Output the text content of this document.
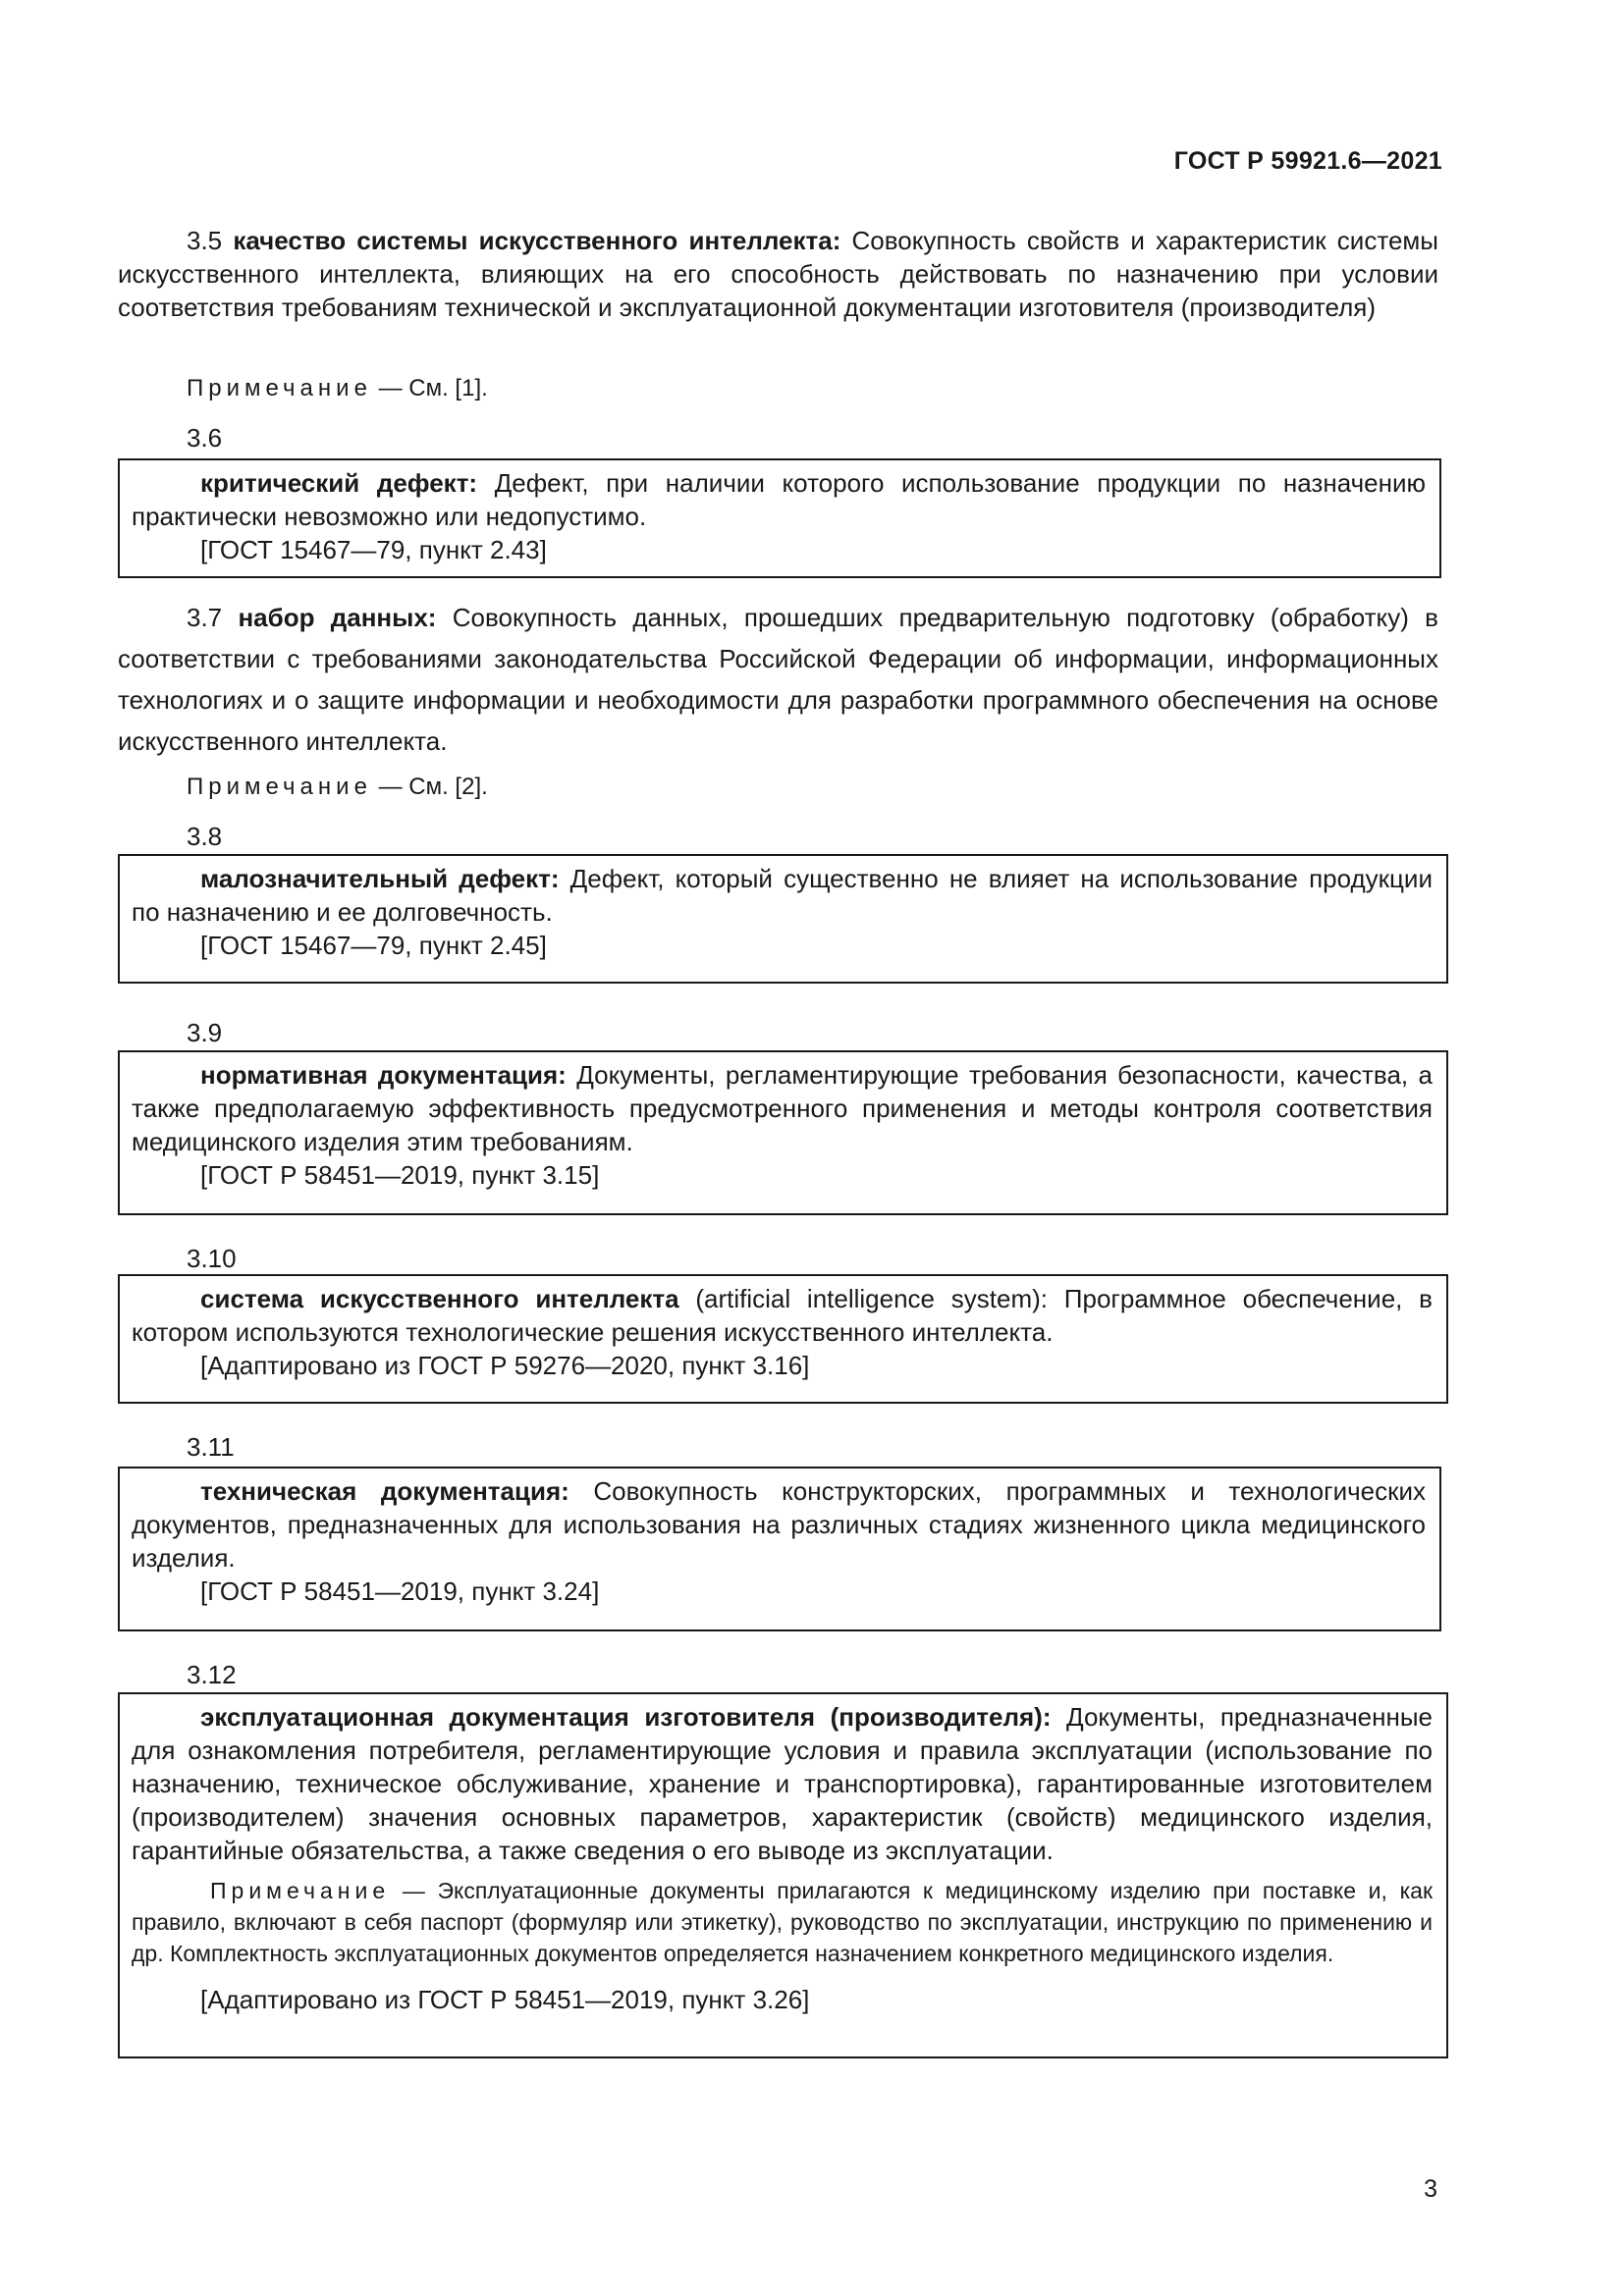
ГОСТ Р 59921.6—2021

3.5 качество системы искусственного интеллекта: Совокупность свойств и характеристик системы искусственного интеллекта, влияющих на его способность действовать по назначению при условии соответствия требованиям технической и эксплуатационной документации изготовителя (производителя)

Примечание — См. [1].
3.6

критический дефект: Дефект, при наличии которого использование продукции по назначению практически невозможно или недопустимо.

[ГОСТ 15467—79, пункт 2.43]

3.7 набор данных: Совокупность данных, прошедших предварительную подготовку (обработку) в соответствии с требованиями законодательства Российской Федерации об информации, информационных технологиях и о защите информации и необходимости для разработки программного обеспечения на основе искусственного интеллекта.

Примечание — См. [2].
3.8

малозначительный дефект: Дефект, который существенно не влияет на использование продукции по назначению и ее долговечность.

[ГОСТ 15467—79, пункт 2.45]

3.9

нормативная документация: Документы, регламентирующие требования безопасности, качества, а также предполагаемую эффективность предусмотренного применения и методы контроля соответствия медицинского изделия этим требованиям.

[ГОСТ Р 58451—2019, пункт 3.15]

3.10

система искусственного интеллекта (artificial intelligence system): Программное обеспечение, в котором используются технологические решения искусственного интеллекта.

[Адаптировано из ГОСТ Р 59276—2020, пункт 3.16]

3.11

техническая документация: Совокупность конструкторских, программных и технологических документов, предназначенных для использования на различных стадиях жизненного цикла медицинского изделия.

[ГОСТ Р 58451—2019, пункт 3.24]

3.12

эксплуатационная документация изготовителя (производителя): Документы, предназначенные для ознакомления потребителя, регламентирующие условия и правила эксплуатации (использование по назначению, техническое обслуживание, хранение и транспортировка), гарантированные изготовителем (производителем) значения основных параметров, характеристик (свойств) медицинского изделия, гарантийные обязательства, а также сведения о его выводе из эксплуатации.

Примечание — Эксплуатационные документы прилагаются к медицинскому изделию при поставке и, как правило, включают в себя паспорт (формуляр или этикетку), руководство по эксплуатации, инструкцию по применению и др. Комплектность эксплуатационных документов определяется назначением конкретного медицинского изделия.

[Адаптировано из ГОСТ Р 58451—2019, пункт 3.26]

3
